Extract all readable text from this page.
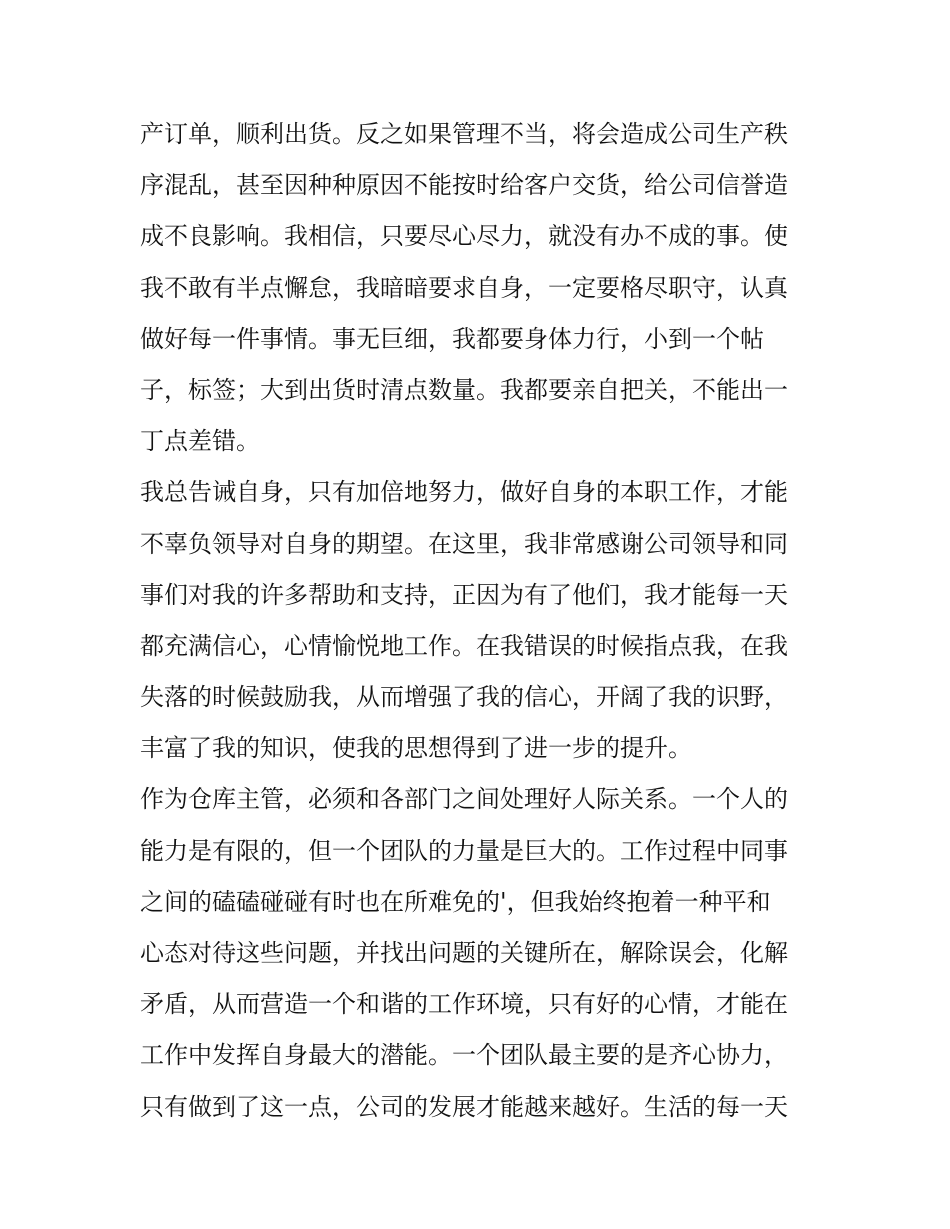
产订单，顺利出货。反之如果管理不当，将会造成公司生产秩
序混乱，甚至因种种原因不能按时给客户交货，给公司信誉造
成不良影响。我相信，只要尽心尽力，就没有办不成的事。使
我不敢有半点懈怠，我暗暗要求自身，一定要格尽职守，认真
做好每一件事情。事无巨细，我都要身体力行，小到一个帖
子，标签；大到出货时清点数量。我都要亲自把关，不能出一
丁点差错。
我总告诫自身，只有加倍地努力，做好自身的本职工作，才能
不辜负领导对自身的期望。在这里，我非常感谢公司领导和同
事们对我的许多帮助和支持，正因为有了他们，我才能每一天
都充满信心，心情愉悦地工作。在我错误的时候指点我，在我
失落的时候鼓励我，从而增强了我的信心，开阔了我的识野，
丰富了我的知识，使我的思想得到了进一步的提升。
作为仓库主管，必须和各部门之间处理好人际关系。一个人的
能力是有限的，但一个团队的力量是巨大的。工作过程中同事
之间的磕磕碰碰有时也在所难免的'，但我始终抱着一种平和
心态对待这些问题，并找出问题的关键所在，解除误会，化解
矛盾，从而营造一个和谐的工作环境，只有好的心情，才能在
工作中发挥自身最大的潜能。一个团队最主要的是齐心协力，
只有做到了这一点，公司的发展才能越来越好。生活的每一天
